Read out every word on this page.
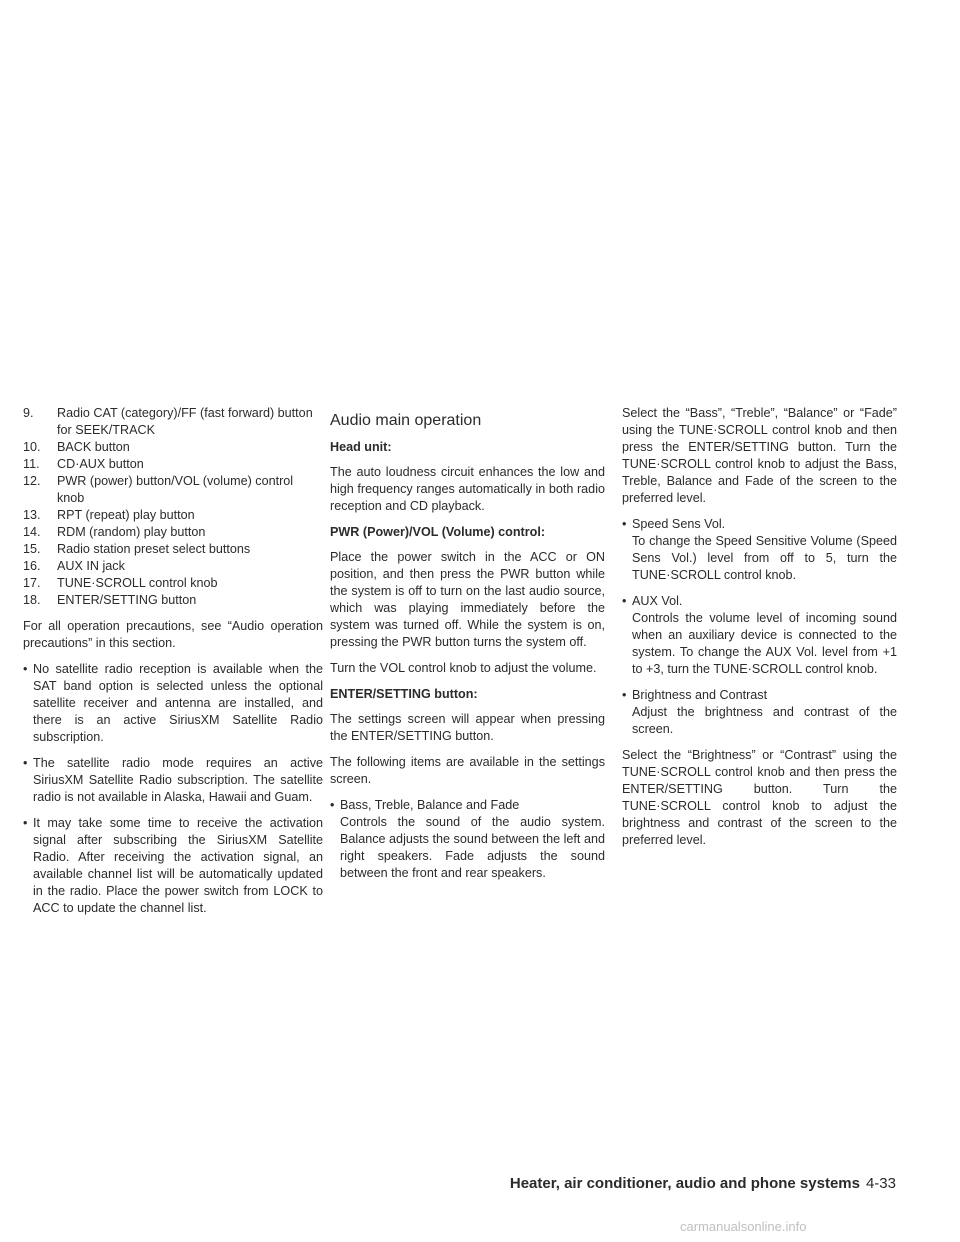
9.	Radio CAT (category)/FF (fast forward) button for SEEK/TRACK
10.	BACK button
11.	CD·AUX button
12.	PWR (power) button/VOL (volume) control knob
13.	RPT (repeat) play button
14.	RDM (random) play button
15.	Radio station preset select buttons
16.	AUX IN jack
17.	TUNE·SCROLL control knob
18.	ENTER/SETTING button

For all operation precautions, see “Audio operation precautions” in this section.

• No satellite radio reception is available when the SAT band option is selected unless the optional satellite receiver and antenna are installed, and there is an active SiriusXM Satellite Radio subscription.
• The satellite radio mode requires an active SiriusXM Satellite Radio subscription. The satellite radio is not available in Alaska, Hawaii and Guam.
• It may take some time to receive the activation signal after subscribing the SiriusXM Satellite Radio. After receiving the activation signal, an available channel list will be automatically updated in the radio. Place the power switch from LOCK to ACC to update the channel list.
Audio main operation
Head unit:

The auto loudness circuit enhances the low and high frequency ranges automatically in both radio reception and CD playback.

PWR (Power)/VOL (Volume) control:

Place the power switch in the ACC or ON position, and then press the PWR button while the system is off to turn on the last audio source, which was playing immediately before the system was turned off. While the system is on, pressing the PWR button turns the system off.

Turn the VOL control knob to adjust the volume.

ENTER/SETTING button:

The settings screen will appear when pressing the ENTER/SETTING button.

The following items are available in the settings screen.

• Bass, Treble, Balance and Fade
Controls the sound of the audio system. Balance adjusts the sound between the left and right speakers. Fade adjusts the sound between the front and rear speakers.

Select the “Bass”, “Treble”, “Balance” or “Fade” using the TUNE·SCROLL control knob and then press the ENTER/SETTING button. Turn the TUNE·SCROLL control knob to adjust the Bass, Treble, Balance and Fade of the screen to the preferred level.

• Speed Sens Vol.
To change the Speed Sensitive Volume (Speed Sens Vol.) level from off to 5, turn the TUNE·SCROLL control knob.
• AUX Vol.
Controls the volume level of incoming sound when an auxiliary device is connected to the system. To change the AUX Vol. level from +1 to +3, turn the TUNE·SCROLL control knob.
• Brightness and Contrast
Adjust the brightness and contrast of the screen.

Select the “Brightness” or “Contrast” using the TUNE·SCROLL control knob and then press the ENTER/SETTING button. Turn the TUNE·SCROLL control knob to adjust the brightness and contrast of the screen to the preferred level.

Heater, air conditioner, audio and phone systems 4-33
carmanualsonline.info
